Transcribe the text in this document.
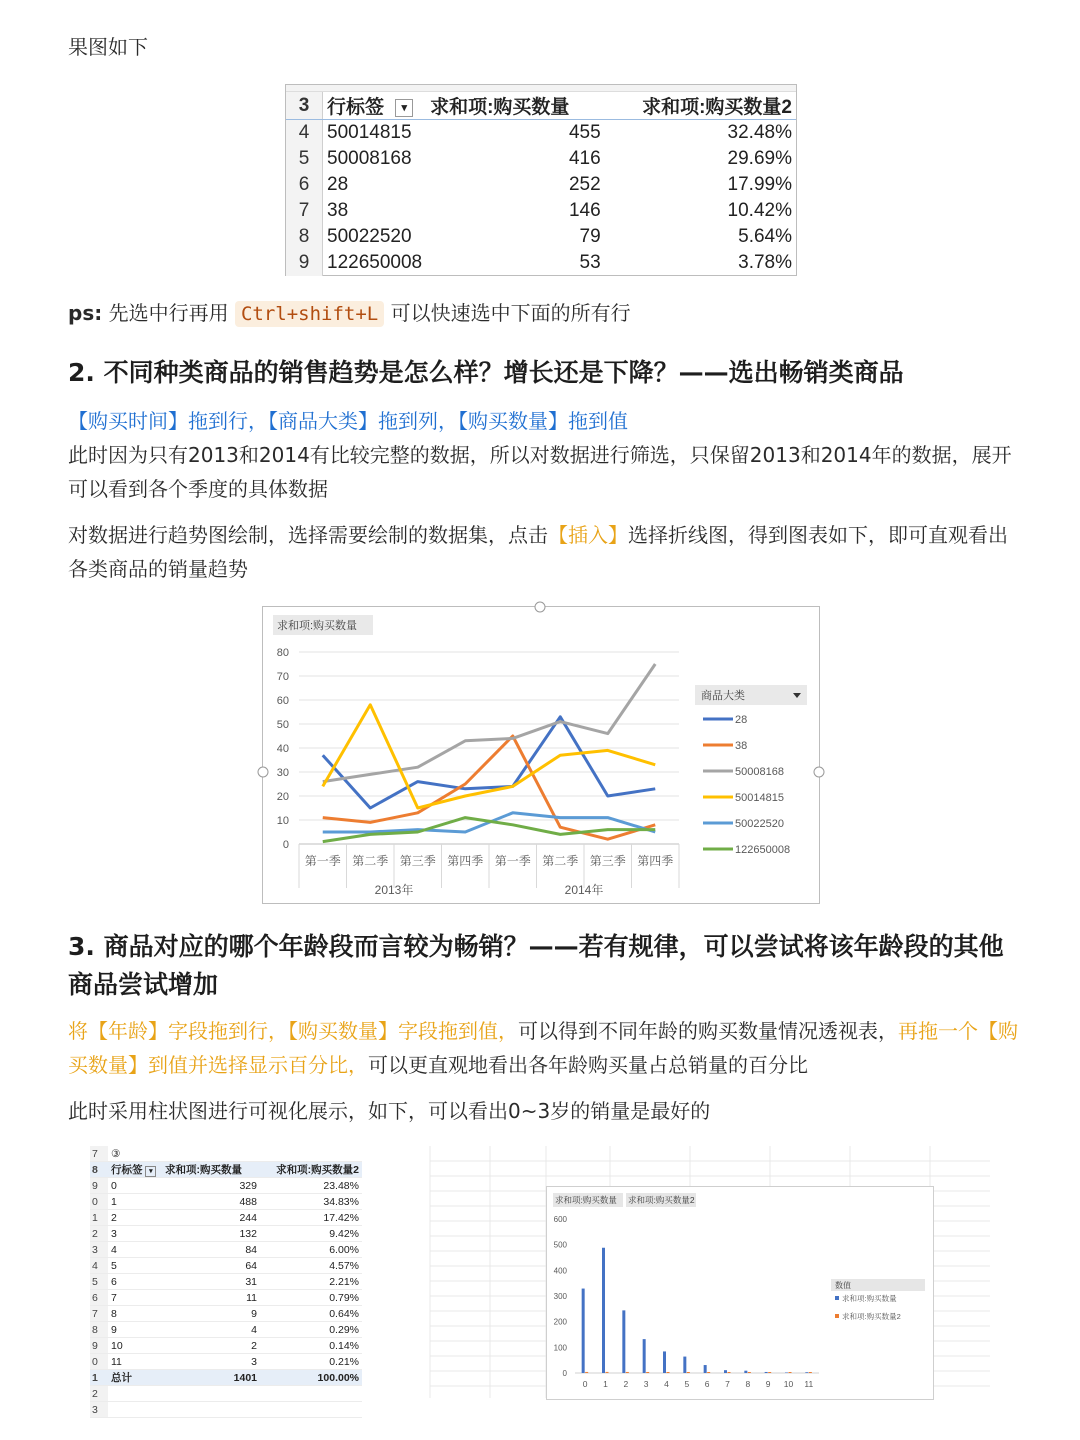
果图如下
3	行标签 ▾	求和项:购买数量	求和项:购买数量2
4	50014815	455	32.48%
5	50008168	416	29.69%
6	28	252	17.99%
7	38	146	10.42%
8	50022520	79	5.64%
9	122650008	53	3.78%
ps: 先选中行再用 Ctrl+shift+L 可以快速选中下面的所有行
2. 不同种类商品的销售趋势是怎么样？增长还是下降？——选出畅销类商品
【购买时间】拖到行，【商品大类】拖到列，【购买数量】拖到值
此时因为只有2013和2014有比较完整的数据，所以对数据进行筛选，只保留2013和2014年的数据，展开可以看到各个季度的具体数据
对数据进行趋势图绘制，选择需要绘制的数据集，点击【插入】选择折线图，得到图表如下，即可直观看出各类商品的销量趋势
求和项:购买数量
0
10
20
30
40
50
60
70
80
第一季 第二季 第三季 第四季 第一季 第二季 第三季 第四季
2013年	2014年
商品大类
28
38
50008168
50014815
50022520
122650008
3. 商品对应的哪个年龄段而言较为畅销？——若有规律，可以尝试将该年龄段的其他商品尝试增加
将【年龄】字段拖到行，【购买数量】字段拖到值，可以得到不同年龄的购买数量情况透视表，再拖一个【购买数量】到值并选择显示百分比，可以更直观地看出各年龄购买量占总销量的百分比
此时采用柱状图进行可视化展示，如下，可以看出0~3岁的销量是最好的
7	③		
8	行标签 ▾	求和项:购买数量	求和项:购买数量2
9	0	329	23.48%
0	1	488	34.83%
1	2	244	17.42%
2	3	132	9.42%
3	4	84	6.00%
4	5	64	4.57%
5	6	31	2.21%
6	7	11	0.79%
7	8	9	0.64%
8	9	4	0.29%
9	10	2	0.14%
0	11	3	0.21%
1	总计	1401	100.00%
2			
3			
求和项:购买数量 求和项:购买数量2
0
100
200
300
400
500
600
0 1 2 3 4 5 6 7 8 9 10 11
数值
求和项:购买数量
求和项:购买数量2
